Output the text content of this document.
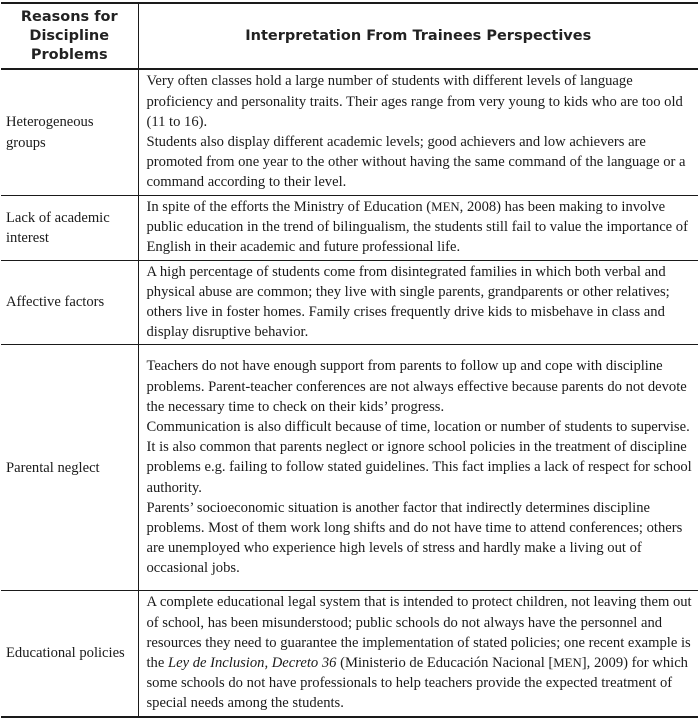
Reasons for Discipline Problems	Interpretation From Trainees Perspectives
Heterogeneous groups	Very often classes hold a large number of students with different levels of language proficiency and personality traits. Their ages range from very young to kids who are too old (11 to 16).
Students also display different academic levels; good achievers and low achievers are promoted from one year to the other without having the same command of the language or a command according to their level.

Lack of academic interest	In spite of the efforts the Ministry of Education (MEN, 2008) has been making to involve public education in the trend of bilingualism, the students still fail to value the importance of English in their academic and future professional life.
Affective factors	A high percentage of students come from disintegrated families in which both verbal and physical abuse are common; they live with single parents, grandparents or other relatives; others live in foster homes. Family crises frequently drive kids to misbehave in class and display disruptive behavior.

Parental neglect	Teachers do not have enough support from parents to follow up and cope with discipline problems. Parent-teacher conferences are not always effective because parents do not devote the necessary time to check on their kids’ progress.
Communication is also difficult because of time, location or number of students to supervise.
It is also common that parents neglect or ignore school policies in the treatment of discipline problems e.g. failing to follow stated guidelines. This fact implies a lack of respect for school authority.
Parents’ socioeconomic situation is another factor that indirectly determines discipline problems. Most of them work long shifts and do not have time to attend conferences; others are unemployed who experience high levels of stress and hardly make a living out of occasional jobs.

Educational policies	A complete educational legal system that is intended to protect children, not leaving them out of school, has been misunderstood; public schools do not always have the personnel and resources they need to guarantee the implementation of stated policies; one recent example is the Ley de Inclusion, Decreto 36 (Ministerio de Educación Nacional [MEN], 2009) for which some schools do not have professionals to help teachers provide the expected treatment of special needs among the students.
